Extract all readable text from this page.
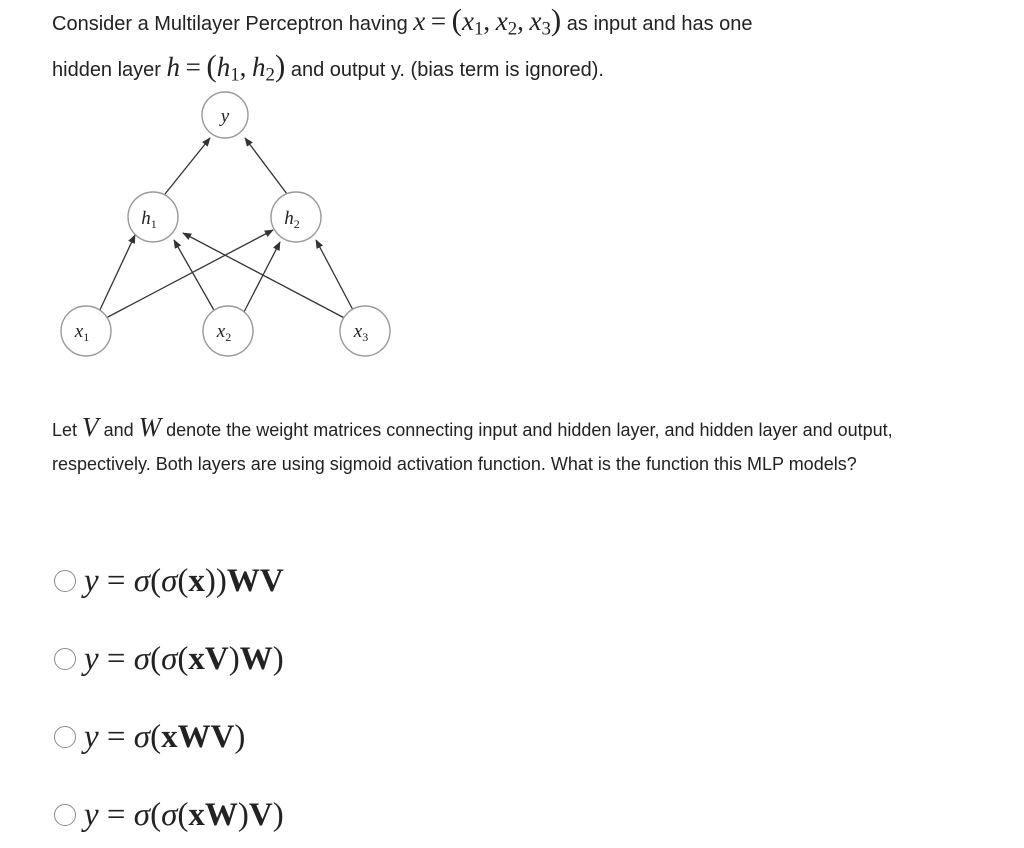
Consider a Multilayer Perceptron having $x = (x_1$, $x_2$, $x_3$) as input and has one
hidden layer $h = (h_1$, $h_2$) and output y. (bias term is ignored).
y
$h_1$	$h_2$
$x_1$	$x_2$	$x_3$
Let V and W denote the weight matrices connecting input and hidden layer, and hidden layer and output, respectively. Both layers are using sigmoid activation function. What is the function this MLP models?
y = σ(σ(x))WV
y = σ(σ(xV)W)
y = σ(xWV)
y = σ(σ(xW)V)
